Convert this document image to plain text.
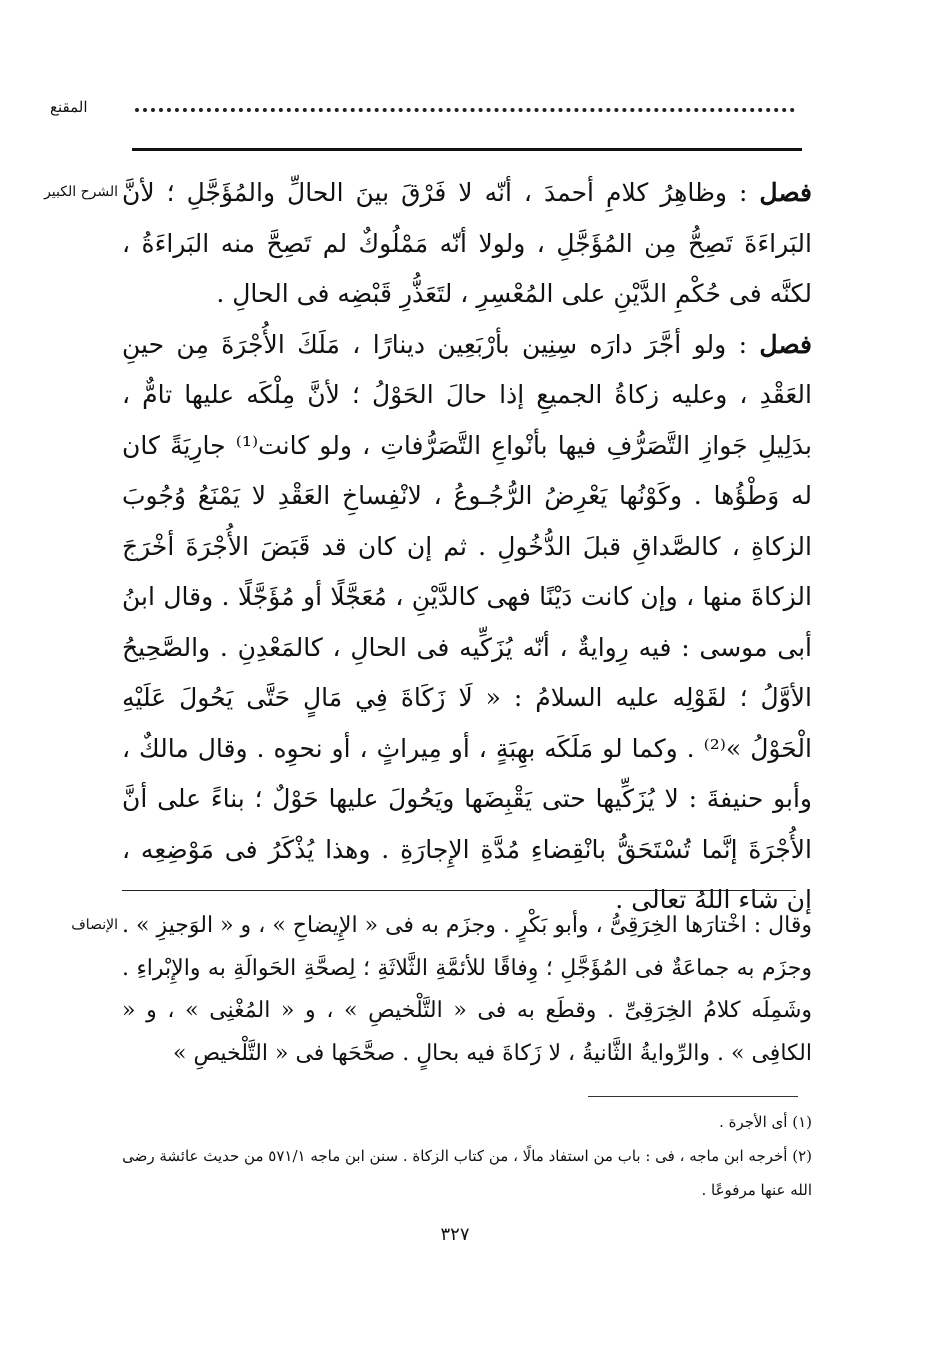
المقنع
الشرح الكبير	فصل : وظاهِرُ كلامِ أحمدَ ، أنّه لا فَرْقَ بينَ الحالِّ والمُؤَجَّلِ ؛ لأنَّ البَراءَةَ تَصِحُّ مِن المُؤَجَّلِ ، ولولا أنّه مَمْلُوكٌ لم تَصِحَّ منه البَراءَةُ ، لكنَّه فى حُكْمِ الدَّيْنِ على المُعْسِرِ ، لتَعَذُّرِ قَبْضِه فى الحالِ .

فصل : ولو أجَّرَ دارَه سِنِين بأرْبَعِين دينارًا ، مَلَكَ الأُجْرَةَ مِن حينِ العَقْدِ ، وعليه زكاةُ الجميعِ إذا حالَ الحَوْلُ ؛ لأنَّ مِلْكَه عليها تامٌّ ، بدَلِيلِ جَوازِ التَّصَرُّفِ فيها بأنْواعِ التَّصَرُّفاتِ ، ولو كانت⁽¹⁾ جارِيَةً كان له وَطْؤُها . وكَوْنُها يَعْرِضُ الرُّجُـوعُ ، لانْفِساخِ العَقْدِ لا يَمْنَعُ وُجُوبَ الزكاةِ ، كالصَّداقِ قبلَ الدُّخُولِ . ثم إن كان قد قَبَضَ الأُجْرَةَ أخْرَجَ الزكاةَ منها ، وإن كانت دَيْنًا فهى كالدَّيْنِ ، مُعَجَّلًا أو مُؤَجَّلًا . وقال ابنُ أبى موسى : فيه رِوايةٌ ، أنّه يُزَكِّيه فى الحالِ ، كالمَعْدِنِ . والصَّحِيحُ الأوَّلُ ؛ لقَوْلِه عليه السلامُ : « لَا زَكَاةَ فِي مَالٍ حَتَّى يَحُولَ عَلَيْهِ الْحَوْلُ »⁽²⁾ . وكما لو مَلَكَه بهِبَةٍ ، أو مِيراثٍ ، أو نحوِه . وقال مالكٌ ، وأبو حنيفةَ : لا يُزَكِّيها حتى يَقْبِضَها ويَحُولَ عليها حَوْلٌ ؛ بناءً على أنَّ الأُجْرَةَ إنَّما تُسْتَحَقُّ بانْقِضاءِ مُدَّةِ الإِجارَةِ . وهذا يُذْكَرُ فى مَوْضِعِه ، إن شاء اللهُ تعالى .

الإنصاف وقال : اخْتارَها الخِرَقِىُّ ، وأبو بَكْرٍ . وجزَم به فى « الإِيضاحِ » ، و « الوَجيزِ » . وجزَم به جماعَةٌ فى المُؤَجَّلِ ؛ وِفاقًا للأئمَّةِ الثَّلاثَةِ ؛ لِصحَّةِ الحَوالَةِ به والإِبْراءِ . وشَمِلَه كلامُ الخِرَقِىِّ . وقطَع به فى « التَّلْخيصِ » ، و « المُغْنِى » ، و « الكافِى » . والرِّوايةُ الثَّانيةُ ، لا زَكاةَ فيه بحالٍ . صحَّحَها فى « التَّلْخيصِ »

(١) أى الأجرة .

(٢) أخرجه ابن ماجه ، فى : باب من استفاد مالًا ، من كتاب الزكاة . سنن ابن ماجه ٥٧١/١ من حديث عائشة رضى الله عنها مرفوعًا .

٣٢٧
